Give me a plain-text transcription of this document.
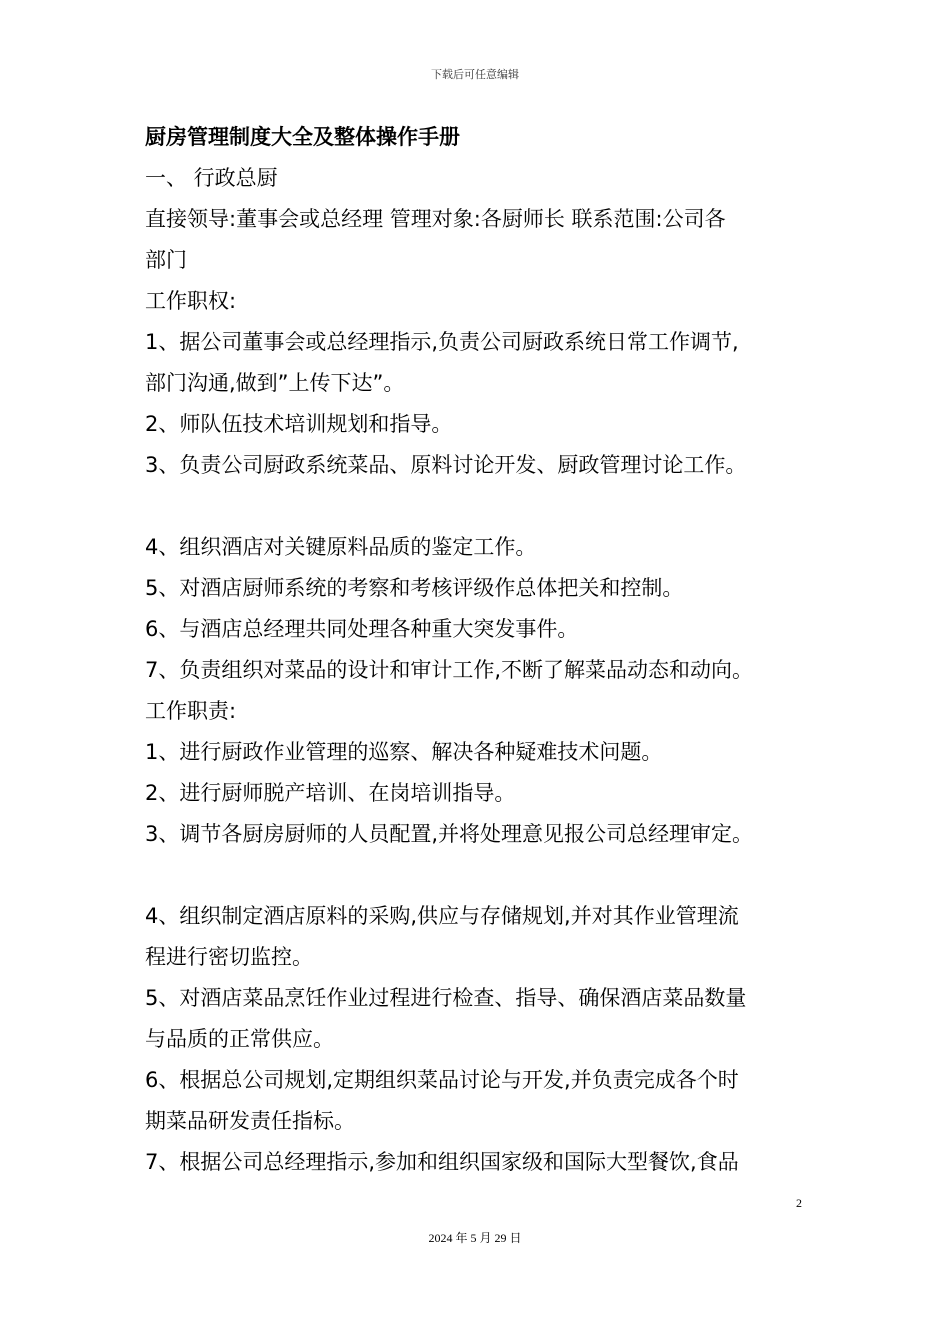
下载后可任意编辑
厨房管理制度大全及整体操作手册
一、 行政总厨
直接领导:董事会或总经理 管理对象:各厨师长 联系范围:公司各
部门
工作职权:
1、据公司董事会或总经理指示,负责公司厨政系统日常工作调节,
部门沟通,做到”上传下达”。
2、师队伍技术培训规划和指导。
3、负责公司厨政系统菜品、原料讨论开发、厨政管理讨论工作。
4、组织酒店对关键原料品质的鉴定工作。
5、对酒店厨师系统的考察和考核评级作总体把关和控制。
6、与酒店总经理共同处理各种重大突发事件。
7、负责组织对菜品的设计和审计工作,不断了解菜品动态和动向。
工作职责:
1、进行厨政作业管理的巡察、解决各种疑难技术问题。
2、进行厨师脱产培训、在岗培训指导。
3、调节各厨房厨师的人员配置,并将处理意见报公司总经理审定。
4、组织制定酒店原料的采购,供应与存储规划,并对其作业管理流
程进行密切监控。
5、对酒店菜品烹饪作业过程进行检查、指导、确保酒店菜品数量
与品质的正常供应。
6、根据总公司规划,定期组织菜品讨论与开发,并负责完成各个时
期菜品研发责任指标。
7、根据公司总经理指示,参加和组织国家级和国际大型餐饮,食品
2
2024 年 5 月 29 日
